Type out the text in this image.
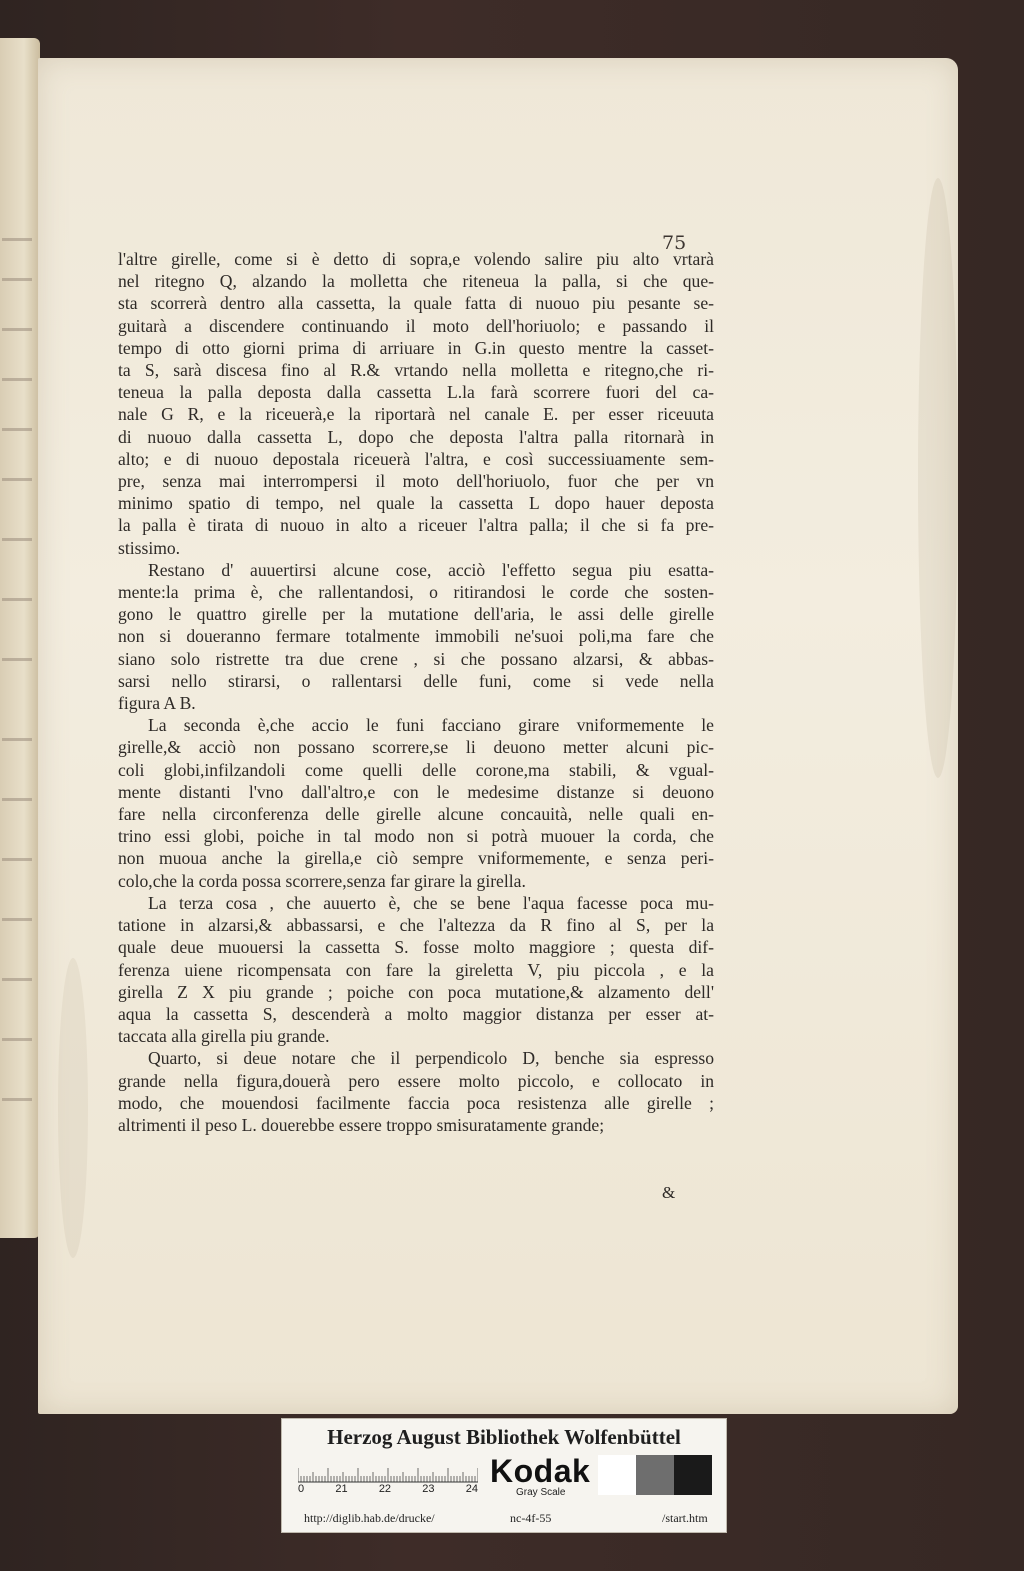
75
l'altre girelle, come si è detto di sopra,e volendo salire piu alto vrtarà
nel ritegno Q, alzando la molletta che riteneua la palla, si che que-
sta scorrerà dentro alla cassetta, la quale fatta di nuouo piu pesante se-
guitarà a discendere continuando il moto dell'horiuolo; e passando il
tempo di otto giorni prima di arriuare in G.in questo mentre la casset-
ta S, sarà discesa fino al R.& vrtando nella molletta e ritegno,che ri-
teneua la palla deposta dalla cassetta L.la farà scorrere fuori del ca-
nale G R, e la riceuerà,e la riportarà nel canale E. per esser riceuuta
di nuouo dalla cassetta L, dopo che deposta l'altra palla ritornarà in
alto; e di nuouo depostala riceuerà l'altra, e così successiuamente sem-
pre, senza mai interrompersi il moto dell'horiuolo, fuor che per vn
minimo spatio di tempo, nel quale la cassetta L dopo hauer deposta
la palla è tirata di nuouo in alto a riceuer l'altra palla; il che si fa pre-
stissimo.
Restano d' auuertirsi alcune cose, acciò l'effetto segua piu esatta-
mente:la prima è, che rallentandosi, o ritirandosi le corde che sosten-
gono le quattro girelle per la mutatione dell'aria, le assi delle girelle
non si doueranno fermare totalmente immobili ne'suoi poli,ma fare che
siano solo ristrette tra due crene , si che possano alzarsi, & abbas-
sarsi nello stirarsi, o rallentarsi delle funi, come si vede nella
figura A B.
La seconda è,che accio le funi facciano girare vniformemente le
girelle,& acciò non possano scorrere,se li deuono metter alcuni pic-
coli globi,infilzandoli come quelli delle corone,ma stabili, & vgual-
mente distanti l'vno dall'altro,e con le medesime distanze si deuono
fare nella circonferenza delle girelle alcune concauità, nelle quali en-
trino essi globi, poiche in tal modo non si potrà muouer la corda, che
non muoua anche la girella,e ciò sempre vniformemente, e senza peri-
colo,che la corda possa scorrere,senza far girare la girella.
La terza cosa , che auuerto è, che se bene l'aqua facesse poca mu-
tatione in alzarsi,& abbassarsi, e che l'altezza da R fino al S, per la
quale deue muouersi la cassetta S. fosse molto maggiore ; questa dif-
ferenza uiene ricompensata con fare la gireletta V, piu piccola , e la
girella Z X piu grande ; poiche con poca mutatione,& alzamento dell'
aqua la cassetta S, descenderà a molto maggior distanza per esser at-
taccata alla girella piu grande.
Quarto, si deue notare che il perpendicolo D, benche sia espresso
grande nella figura,douerà pero essere molto piccolo, e collocato in
modo, che mouendosi facilmente faccia poca resistenza alle girelle ;
altrimenti il peso L. douerebbe essere troppo smisuratamente grande;
&
Herzog August Bibliothek Wolfenbüttel
0	21	22	23	24 Kodak
Gray Scale
http://diglib.hab.de/drucke/	nc-4f-55	/start.htm
